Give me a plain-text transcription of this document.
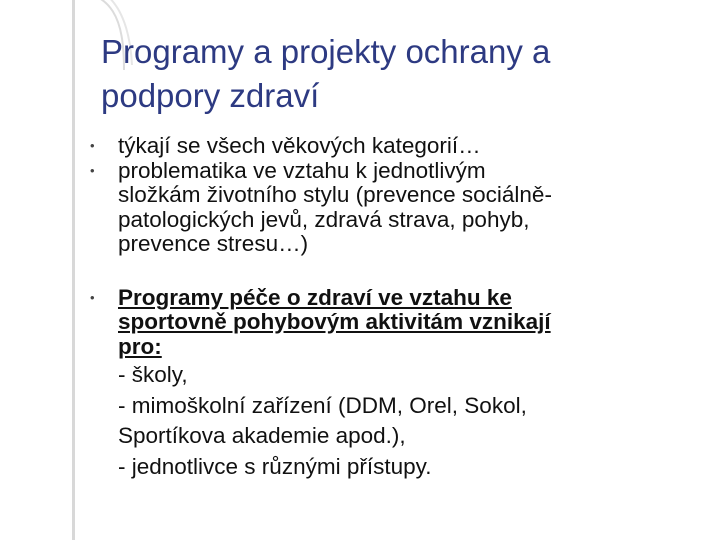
Programy a projekty ochrany a
podpory zdraví
• týkají se všech věkových kategorií…
• problematika ve vztahu k jednotlivým
složkám životního stylu (prevence sociálně-
patologických jevů, zdravá strava, pohyb,
prevence stresu…)
• Programy péče o zdraví ve vztahu ke
sportovně pohybovým aktivitám vznikají
pro:
- školy,
- mimoškolní zařízení (DDM, Orel, Sokol,
Sportíkova akademie apod.),
- jednotlivce s různými přístupy.
